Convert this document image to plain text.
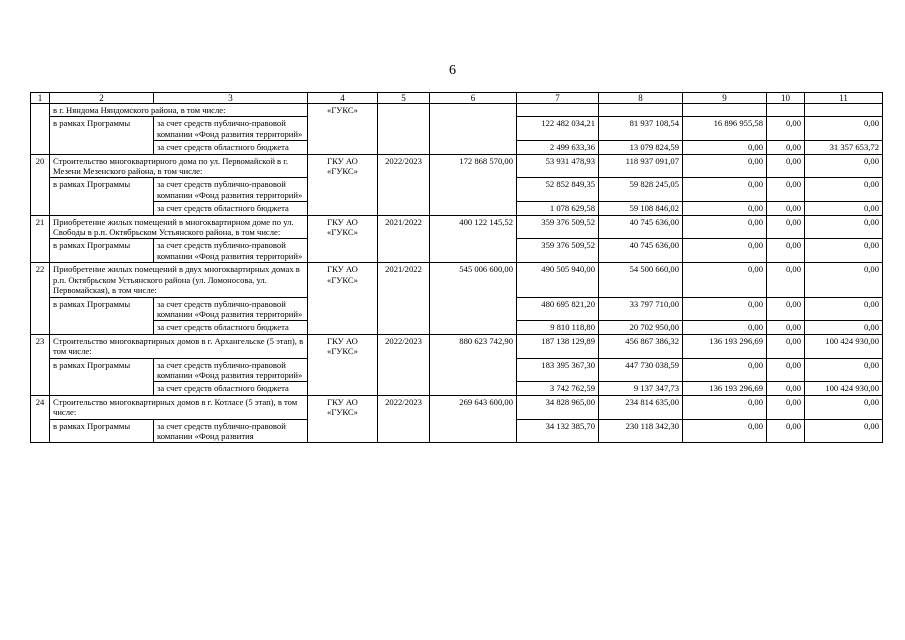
6
1	2	3	4	5	6	7	8	9	10	11
	в г. Няндома Няндомского района, в том числе:		«ГУКС»							
	в рамках Программы	за счет средств публично-правовой компании «Фонд развития территорий»				122 482 034,21	81 937 108,54	16 896 955,58	0,00	0,00
		за счет средств областного бюджета				2 499 633,36	13 079 824,59	0,00	0,00	31 357 653,72
20	Строительство многоквартирного дома по ул. Первомайской в г. Мезени Мезенского района, в том числе:		ГКУ АО «ГУКС»	2022/2023	172 868 570,00	53 931 478,93	118 937 091,07	0,00	0,00	0,00
	в рамках Программы	за счет средств публично-правовой компании «Фонд развития территорий»				52 852 849,35	59 828 245,05	0,00	0,00	0,00
		за счет средств областного бюджета				1 078 629,58	59 108 846,02	0,00	0,00	0,00
21	Приобретение жилых помещений в многоквартирном доме по ул. Свободы в р.п. Октябрьском Устьянского района, в том числе:		ГКУ АО «ГУКС»	2021/2022	400 122 145,52	359 376 509,52	40 745 636,00	0,00	0,00	0,00
	в рамках Программы	за счет средств публично-правовой компании «Фонд развития территорий»				359 376 509,52	40 745 636,00	0,00	0,00	0,00
22	Приобретение жилых помещений в двух многоквартирных домах в р.п. Октябрьском Устьянского района (ул. Ломоносова, ул. Первомайская), в том числе:		ГКУ АО «ГУКС»	2021/2022	545 006 600,00	490 505 940,00	54 500 660,00	0,00	0,00	0,00
	в рамках Программы	за счет средств публично-правовой компании «Фонд развития территорий»				480 695 821,20	33 797 710,00	0,00	0,00	0,00
		за счет средств областного бюджета				9 810 118,80	20 702 950,00	0,00	0,00	0,00
23	Строительство многоквартирных домов в г. Архангельске (5 этап), в том числе:		ГКУ АО «ГУКС»	2022/2023	880 623 742,90	187 138 129,89	456 867 386,32	136 193 296,69	0,00	100 424 930,00
	в рамках Программы	за счет средств публично-правовой компании «Фонд развития территорий»				183 395 367,30	447 730 038,59	0,00	0,00	0,00
		за счет средств областного бюджета				3 742 762,59	9 137 347,73	136 193 296,69	0,00	100 424 930,00
24	Строительство многоквартирных домов в г. Котласе (5 этап), в том числе:		ГКУ АО «ГУКС»	2022/2023	269 643 600,00	34 828 965,00	234 814 635,00	0,00	0,00	0,00
	в рамках Программы	за счет средств публично-правовой компании «Фонд развития				34 132 385,70	230 118 342,30	0,00	0,00	0,00
